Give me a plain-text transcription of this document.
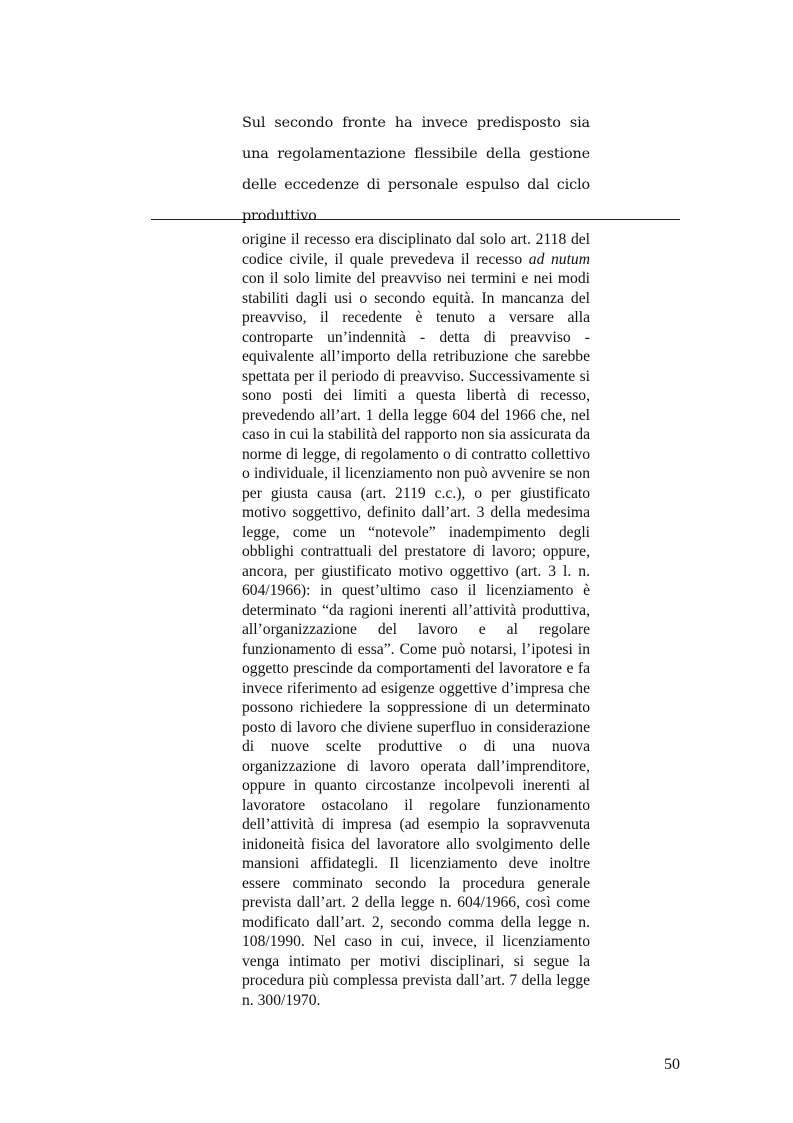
Sul secondo fronte ha invece predisposto sia una regolamentazione flessibile della gestione delle eccedenze di personale espulso dal ciclo produttivo

origine il recesso era disciplinato dal solo art. 2118 del codice civile, il quale prevedeva il recesso ad nutum con il solo limite del preavviso nei termini e nei modi stabiliti dagli usi o secondo equità. In mancanza del preavviso, il recedente è tenuto a versare alla controparte un’indennità - detta di preavviso - equivalente all’importo della retribuzione che sarebbe spettata per il periodo di preavviso. Successivamente si sono posti dei limiti a questa libertà di recesso, prevedendo all’art. 1 della legge 604 del 1966 che, nel caso in cui la stabilità del rapporto non sia assicurata da norme di legge, di regolamento o di contratto collettivo o individuale, il licenziamento non può avvenire se non per giusta causa (art. 2119 c.c.), o per giustificato motivo soggettivo, definito dall’art. 3 della medesima legge, come un “notevole” inadempimento degli obblighi contrattuali del prestatore di lavoro; oppure, ancora, per giustificato motivo oggettivo (art. 3 l. n. 604/1966): in quest’ultimo caso il licenziamento è determinato “da ragioni inerenti all’attività produttiva, all’organizzazione del lavoro e al regolare funzionamento di essa”. Come può notarsi, l’ipotesi in oggetto prescinde da comportamenti del lavoratore e fa invece riferimento ad esigenze oggettive d’impresa che possono richiedere la soppressione di un determinato posto di lavoro che diviene superfluo in considerazione di nuove scelte produttive o di una nuova organizzazione di lavoro operata dall’imprenditore, oppure in quanto circostanze incolpevoli inerenti al lavoratore ostacolano il regolare funzionamento dell’attività di impresa (ad esempio la sopravvenuta inidoneità fisica del lavoratore allo svolgimento delle mansioni affidategli. Il licenziamento deve inoltre essere comminato secondo la procedura generale prevista dall’art. 2 della legge n. 604/1966, così come modificato dall’art. 2, secondo comma della legge n. 108/1990. Nel caso in cui, invece, il licenziamento venga intimato per motivi disciplinari, si segue la procedura più complessa prevista dall’art. 7 della legge n. 300/1970.

50
